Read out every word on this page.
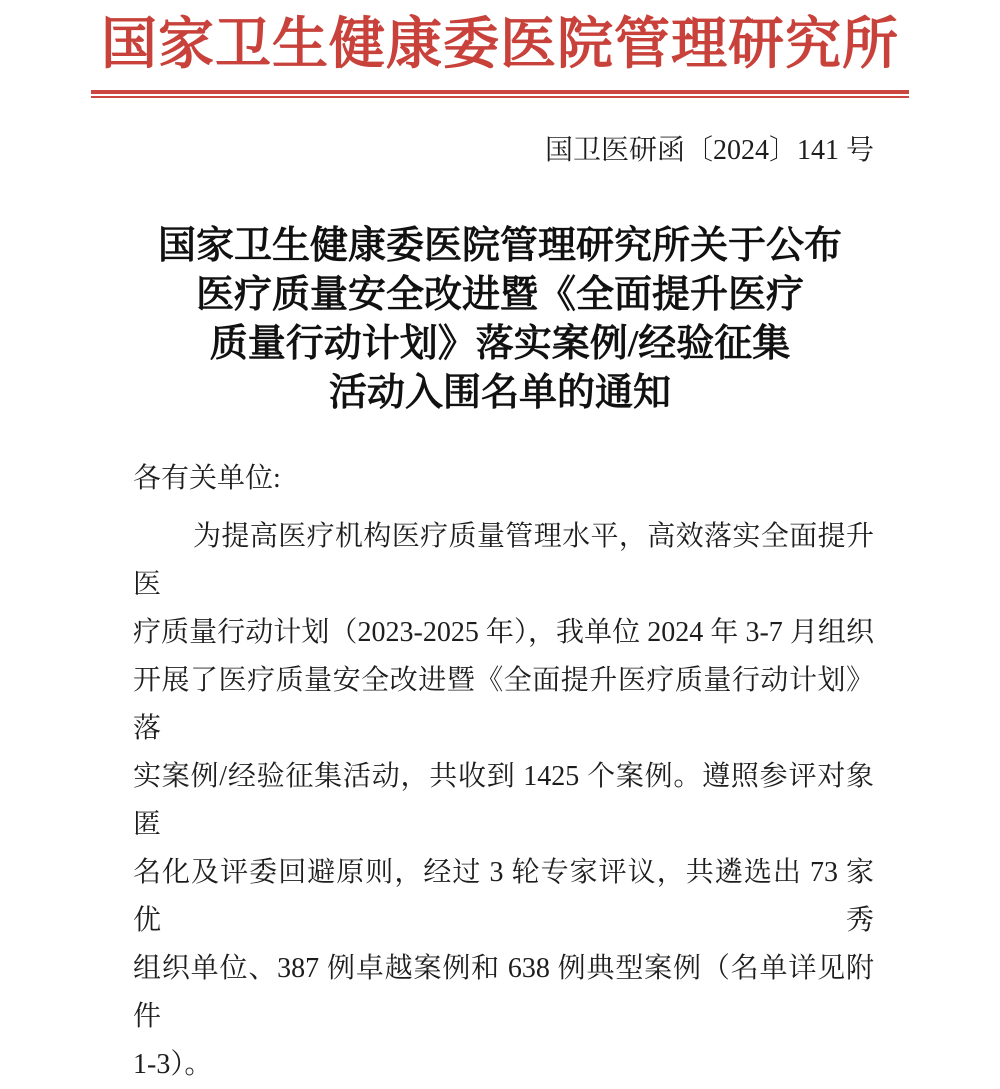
国家卫生健康委医院管理研究所
国卫医研函〔2024〕141 号
国家卫生健康委医院管理研究所关于公布
医疗质量安全改进暨《全面提升医疗
质量行动计划》落实案例/经验征集
活动入围名单的通知
各有关单位:
为提高医疗机构医疗质量管理水平，高效落实全面提升医
疗质量行动计划（2023-2025 年），我单位 2024 年 3-7 月组织
开展了医疗质量安全改进暨《全面提升医疗质量行动计划》落
实案例/经验征集活动，共收到 1425 个案例。遵照参评对象匿
名化及评委回避原则，经过 3 轮专家评议，共遴选出 73 家优秀
组织单位、387 例卓越案例和 638 例典型案例（名单详见附件
1-3）。
